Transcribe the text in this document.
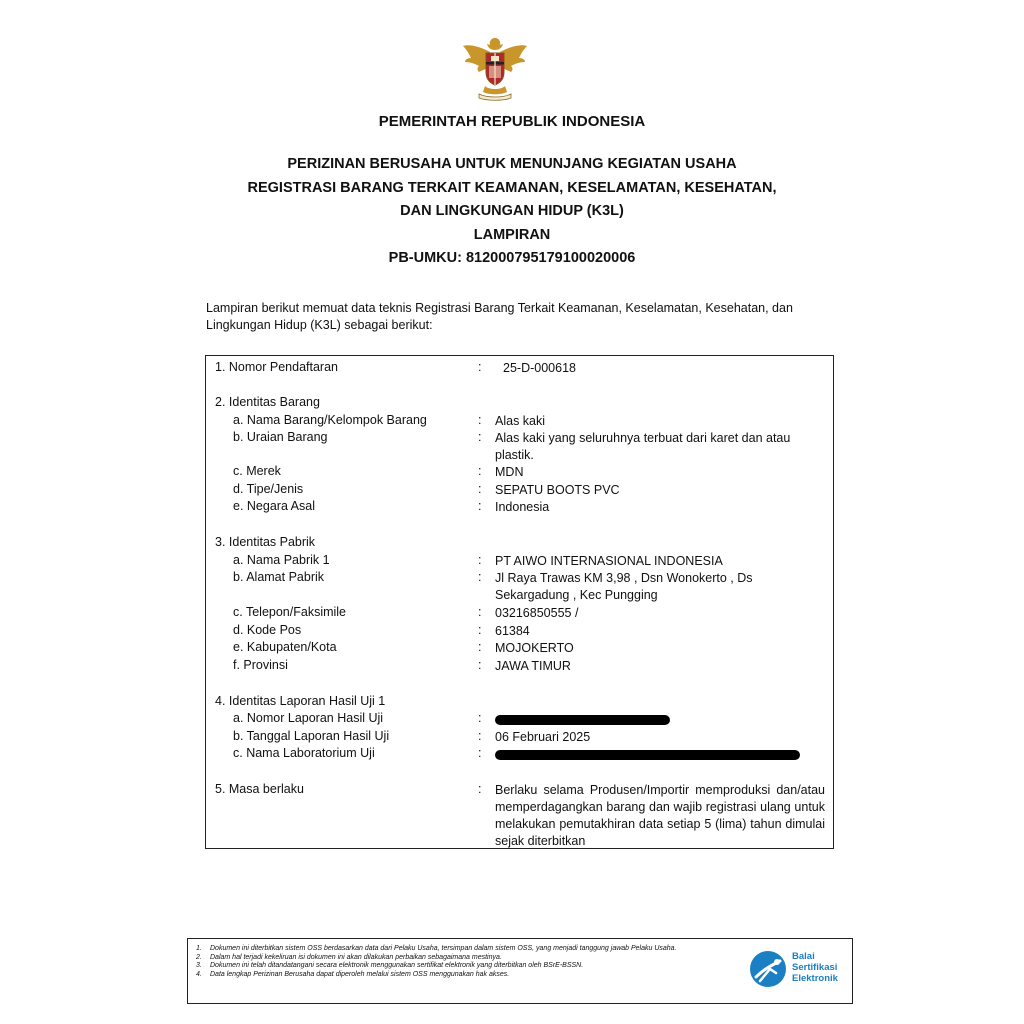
PEMERINTAH REPUBLIK INDONESIA
PERIZINAN BERUSAHA UNTUK MENUNJANG KEGIATAN USAHA
REGISTRASI BARANG TERKAIT KEAMANAN, KESELAMATAN, KESEHATAN,
DAN LINGKUNGAN HIDUP (K3L)
LAMPIRAN
PB-UMKU: 812000795179100020006
Lampiran berikut memuat data teknis Registrasi Barang Terkait Keamanan, Keselamatan, Kesehatan, dan Lingkungan Hidup (K3L) sebagai berikut:
1. Nomor Pendaftaran	: 25-D-000618
2. Identitas Barang
a. Nama Barang/Kelompok Barang	: Alas kaki
b. Uraian Barang	: Alas kaki yang seluruhnya terbuat dari karet dan atau plastik.
c. Merek	: MDN
d. Tipe/Jenis	: SEPATU BOOTS PVC
e. Negara Asal	: Indonesia
3. Identitas Pabrik
a. Nama Pabrik 1	: PT AIWO INTERNASIONAL INDONESIA
b. Alamat Pabrik	: Jl Raya Trawas KM 3,98 , Dsn Wonokerto , Ds Sekargadung , Kec Pungging
c. Telepon/Faksimile	: 03216850555 /
d. Kode Pos	: 61384
e. Kabupaten/Kota	: MOJOKERTO
f. Provinsi	: JAWA TIMUR
4. Identitas Laporan Hasil Uji 1
a. Nomor Laporan Hasil Uji	:
b. Tanggal Laporan Hasil Uji	: 06 Februari 2025
c. Nama Laboratorium Uji	:
5. Masa berlaku	: Berlaku selama Produsen/Importir memproduksi dan/atau memperdagangkan barang dan wajib registrasi ulang untuk melakukan pemutakhiran data setiap 5 (lima) tahun dimulai sejak diterbitkan
1. Dokumen ini diterbitkan sistem OSS berdasarkan data dari Pelaku Usaha, tersimpan dalam sistem OSS, yang menjadi tanggung jawab Pelaku Usaha.
2. Dalam hal terjadi kekeliruan isi dokumen ini akan dilakukan perbaikan sebagaimana mestinya.
3. Dokumen ini telah ditandatangani secara elektronik menggunakan sertifikat elektronik yang diterbitkan oleh BSrE-BSSN.
4. Data lengkap Perizinan Berusaha dapat diperoleh melalui sistem OSS menggunakan hak akses.
Balai
Sertifikasi
Elektronik
